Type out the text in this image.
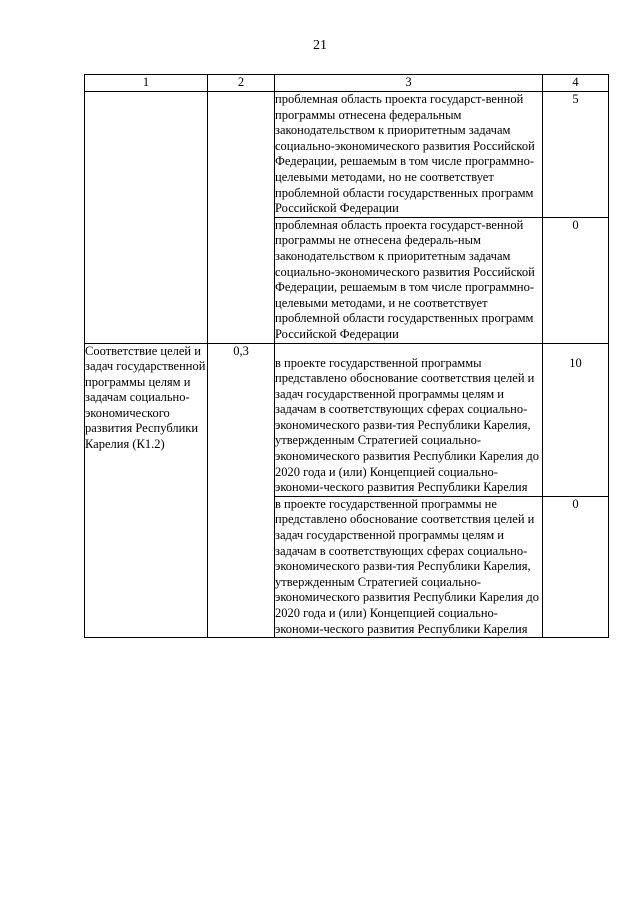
21
1	2	3	4
		проблемная область проекта государст-венной программы отнесена федеральным законодательством к приоритетным задачам социально-экономического развития Российской Федерации, решаемым в том числе программно-целевыми методами, но не соответствует проблемной области государственных программ Российской Федерации	5
		проблемная область проекта государст-венной программы не отнесена федераль-ным законодательством к приоритетным задачам социально-экономического развития Российской Федерации, решаемым в том числе программно-целевыми методами, и не соответствует проблемной области государственных программ Российской Федерации	0
Соответствие целей и задач государственной программы целям и задачам социально-экономического развития Республики Карелия (К1.2)	0,3	в проекте государственной программы представлено обоснование соответствия целей и задач государственной программы целям и задачам в соответствующих сферах социально-экономического разви-тия Республики Карелия, утвержденным Стратегией социально-экономического развития Республики Карелия до 2020 года и (или) Концепцией социально-экономи-ческого развития Республики Карелия	10
		в проекте государственной программы не представлено обоснование соответствия целей и задач государственной программы целям и задачам в соответствующих сферах социально-экономического разви-тия Республики Карелия, утвержденным Стратегией социально-экономического развития Республики Карелия до 2020 года и (или) Концепцией социально-экономи-ческого развития Республики Карелия	0
